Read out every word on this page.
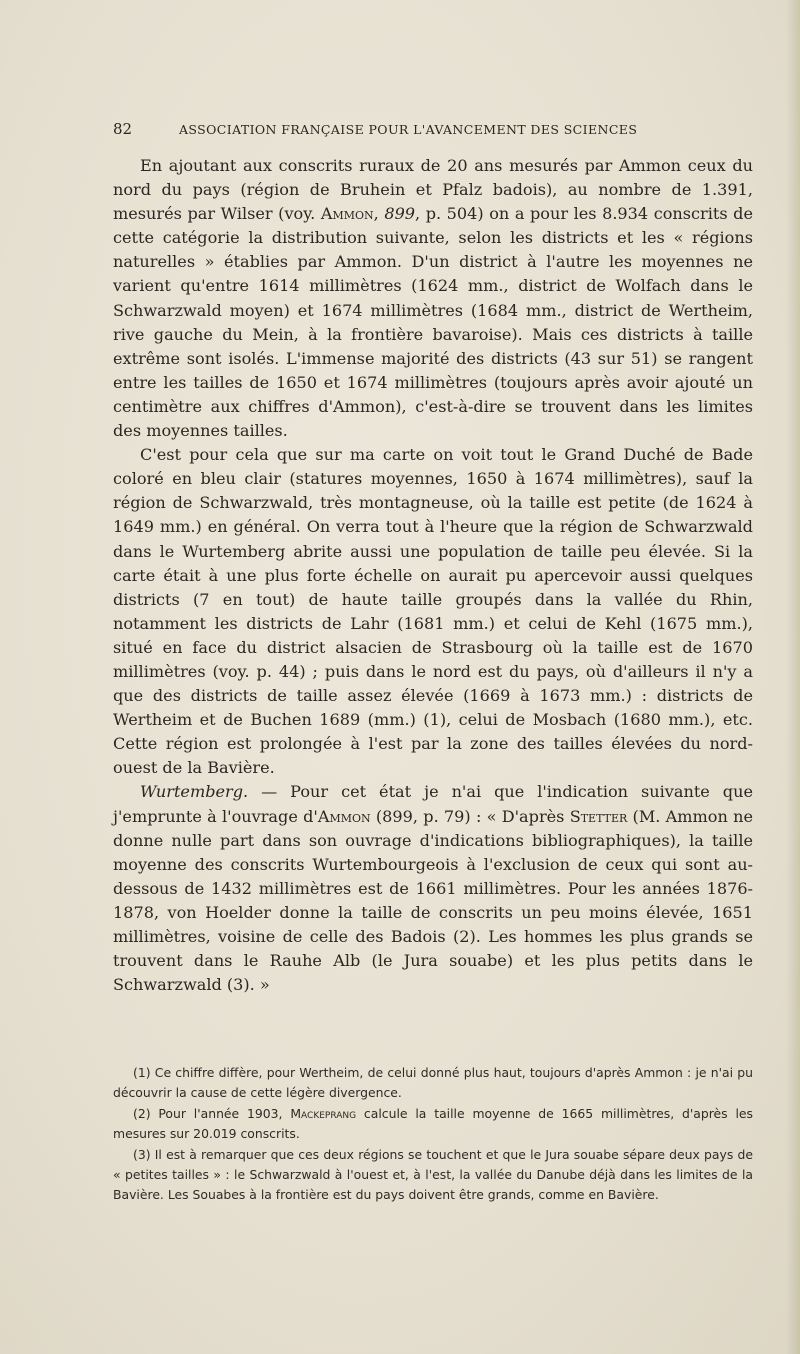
82	ASSOCIATION FRANÇAISE POUR L'AVANCEMENT DES SCIENCES

En ajoutant aux conscrits ruraux de 20 ans mesurés par Ammon ceux du nord du pays (région de Bruhein et Pfalz badois), au nombre de 1.391, mesurés par Wilser (voy. Ammon, 899, p. 504) on a pour les 8.934 conscrits de cette catégorie la distribution suivante, selon les districts et les « régions naturelles » établies par Ammon. D'un district à l'autre les moyennes ne varient qu'entre 1614 millimètres (1624 mm., district de Wolfach dans le Schwarzwald moyen) et 1674 millimètres (1684 mm., district de Wertheim, rive gauche du Mein, à la frontière bavaroise). Mais ces districts à taille extrême sont isolés. L'immense majorité des districts (43 sur 51) se rangent entre les tailles de 1650 et 1674 millimètres (toujours après avoir ajouté un centimètre aux chiffres d'Ammon), c'est-à-dire se trouvent dans les limites des moyennes tailles.

C'est pour cela que sur ma carte on voit tout le Grand Duché de Bade coloré en bleu clair (statures moyennes, 1650 à 1674 millimètres), sauf la région de Schwarzwald, très montagneuse, où la taille est petite (de 1624 à 1649 mm.) en général. On verra tout à l'heure que la région de Schwarzwald dans le Wurtemberg abrite aussi une population de taille peu élevée. Si la carte était à une plus forte échelle on aurait pu apercevoir aussi quelques districts (7 en tout) de haute taille groupés dans la vallée du Rhin, notamment les districts de Lahr (1681 mm.) et celui de Kehl (1675 mm.), situé en face du district alsacien de Strasbourg où la taille est de 1670 millimètres (voy. p. 44) ; puis dans le nord est du pays, où d'ailleurs il n'y a que des districts de taille assez élevée (1669 à 1673 mm.) : districts de Wertheim et de Buchen 1689 (mm.) (1), celui de Mosbach (1680 mm.), etc. Cette région est prolongée à l'est par la zone des tailles élevées du nord-ouest de la Bavière.

Wurtemberg. — Pour cet état je n'ai que l'indication suivante que j'emprunte à l'ouvrage d'Ammon (899, p. 79) : « D'après Stetter (M. Ammon ne donne nulle part dans son ouvrage d'indications bibliographiques), la taille moyenne des conscrits Wurtembourgeois à l'exclusion de ceux qui sont au-dessous de 1432 millimètres est de 1661 millimètres. Pour les années 1876-1878, von Hoelder donne la taille de conscrits un peu moins élevée, 1651 millimètres, voisine de celle des Badois (2). Les hommes les plus grands se trouvent dans le Rauhe Alb (le Jura souabe) et les plus petits dans le Schwarzwald (3). »

(1) Ce chiffre diffère, pour Wertheim, de celui donné plus haut, toujours d'après Ammon : je n'ai pu découvrir la cause de cette légère divergence.

(2) Pour l'année 1903, Mackeprang calcule la taille moyenne de 1665 millimètres, d'après les mesures sur 20.019 conscrits.

(3) Il est à remarquer que ces deux régions se touchent et que le Jura souabe sépare deux pays de « petites tailles » : le Schwarzwald à l'ouest et, à l'est, la vallée du Danube déjà dans les limites de la Bavière. Les Souabes à la frontière est du pays doivent être grands, comme en Bavière.
